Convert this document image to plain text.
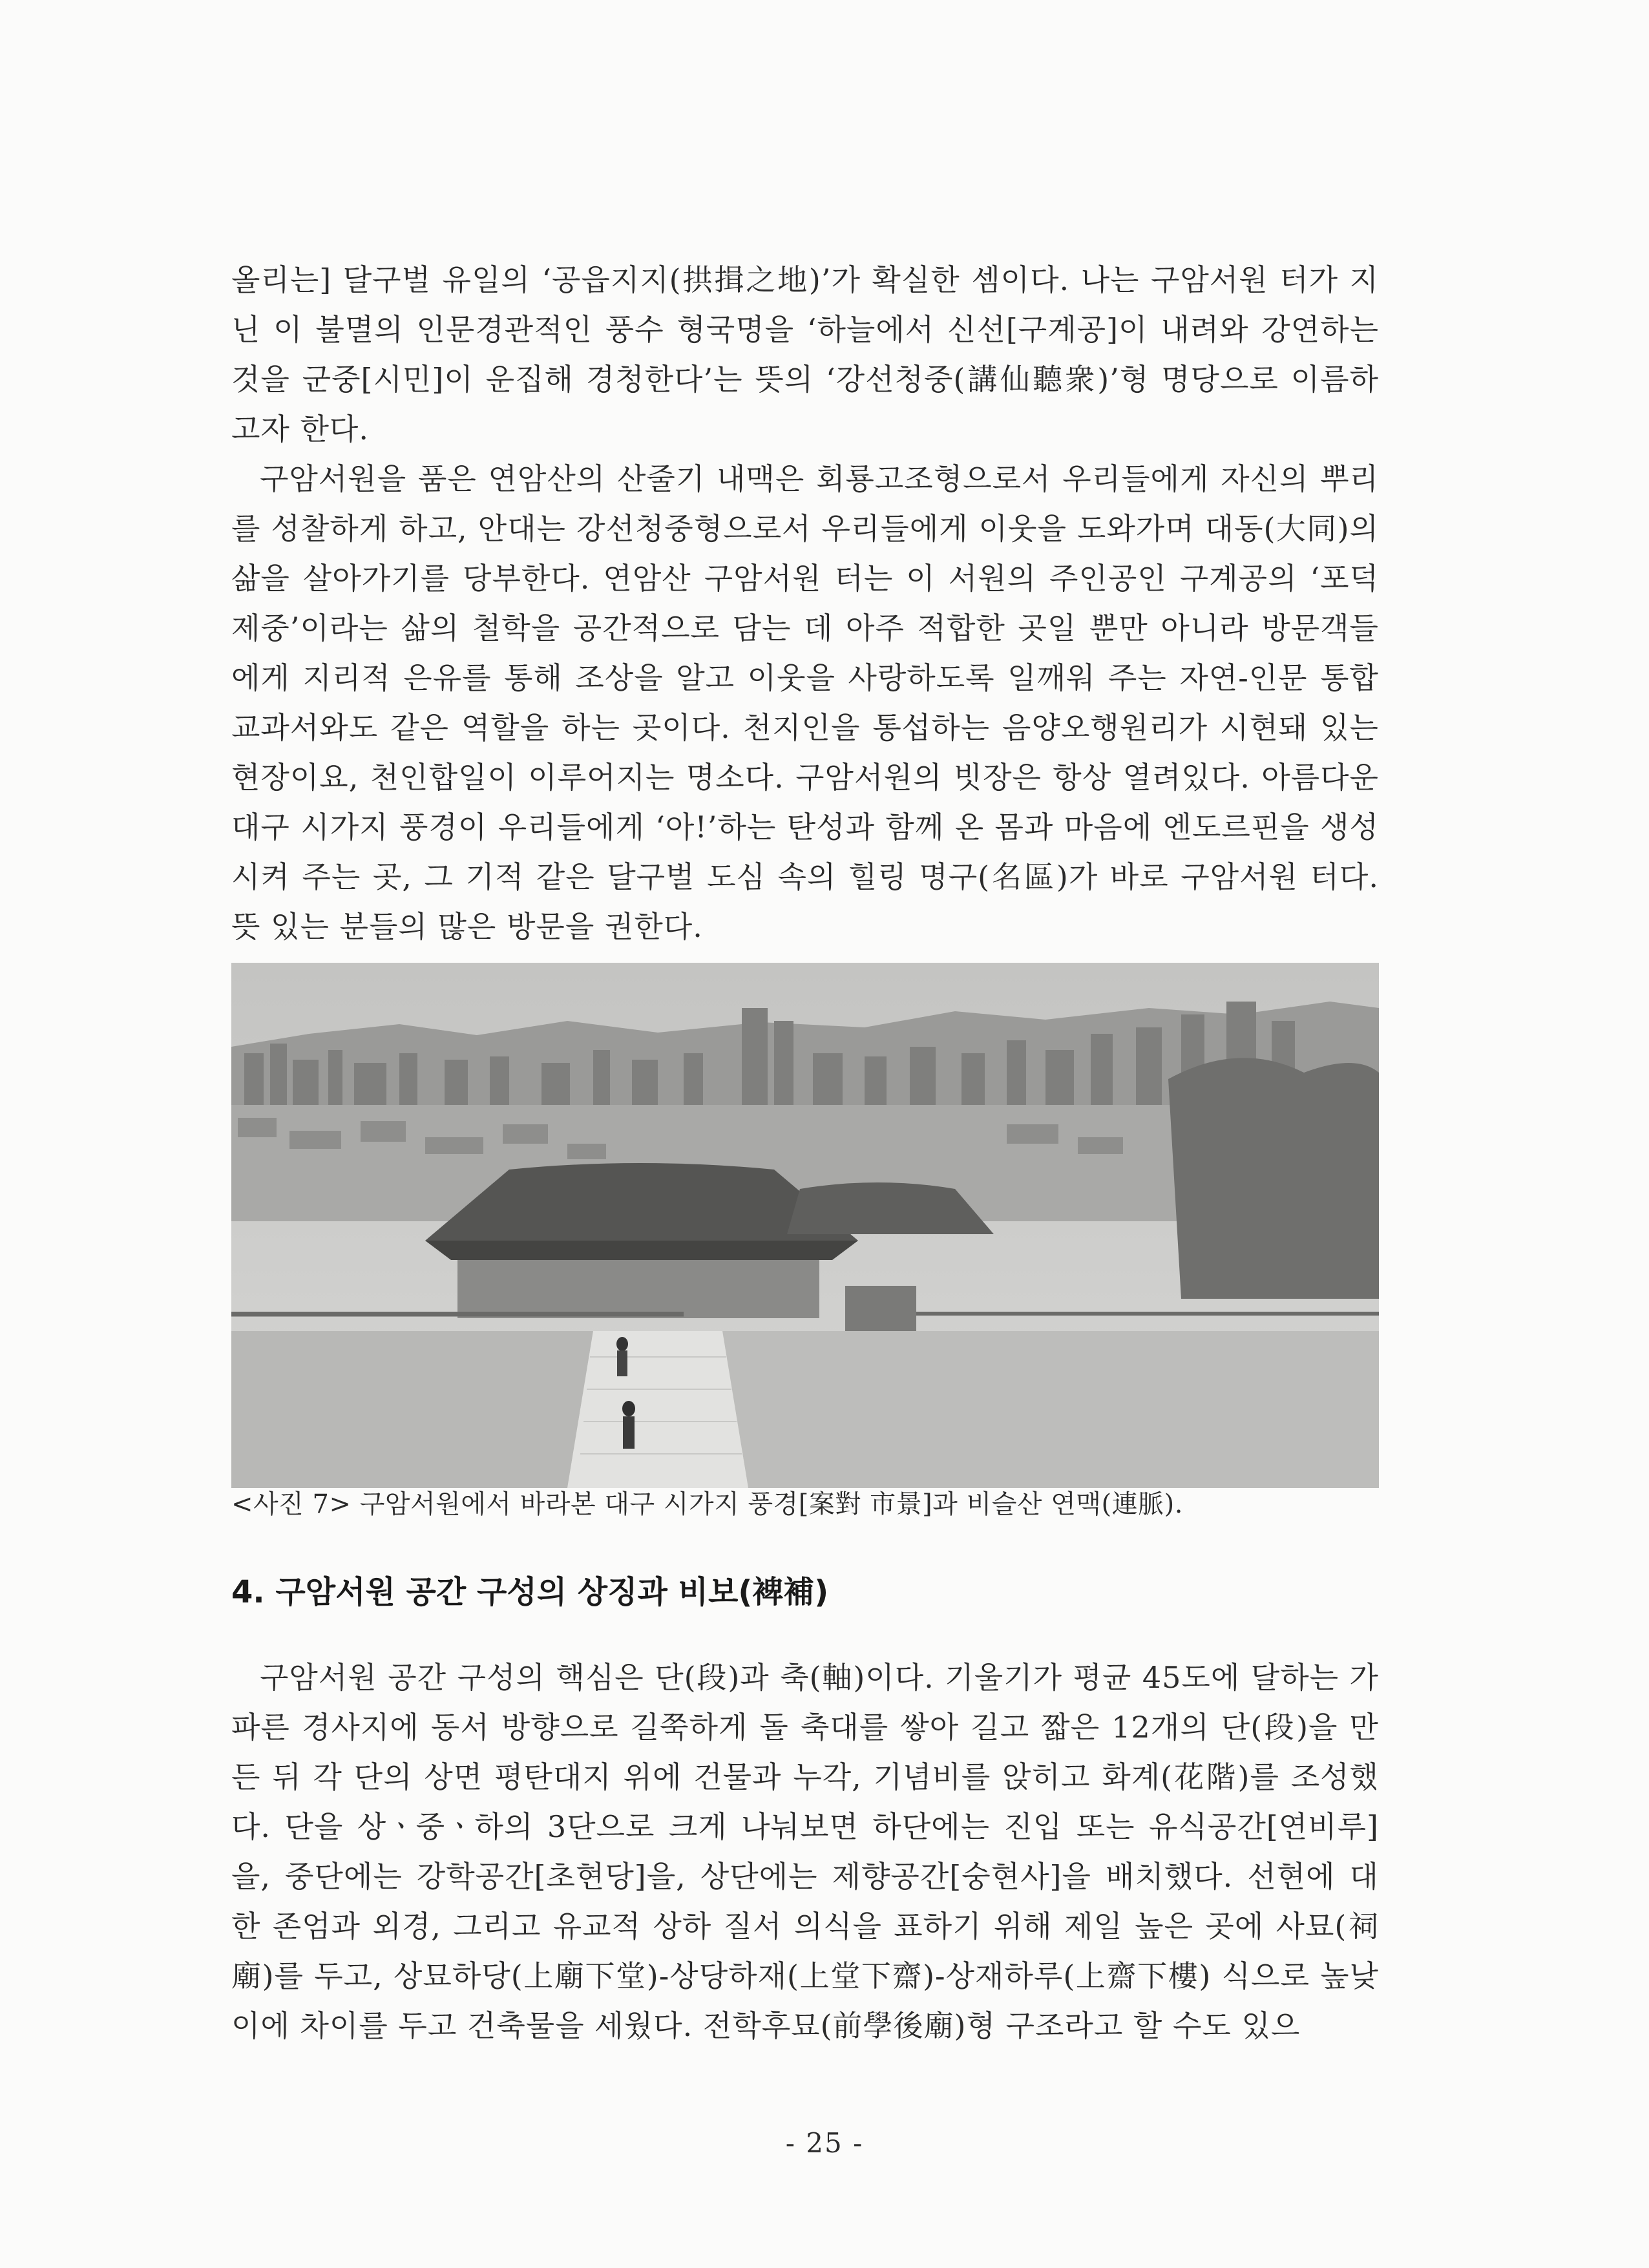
올리는] 달구벌 유일의 ‘공읍지지(拱揖之地)’가 확실한 셈이다. 나는 구암서원 터가 지닌 이 불멸의 인문경관적인 풍수 형국명을 ‘하늘에서 신선[구계공]이 내려와 강연하는 것을 군중[시민]이 운집해 경청한다’는 뜻의 ‘강선청중(講仙聽衆)’형 명당으로 이름하고자 한다.

구암서원을 품은 연암산의 산줄기 내맥은 회룡고조형으로서 우리들에게 자신의 뿌리를 성찰하게 하고, 안대는 강선청중형으로서 우리들에게 이웃을 도와가며 대동(大同)의 삶을 살아가기를 당부한다. 연암산 구암서원 터는 이 서원의 주인공인 구계공의 ‘포덕제중’이라는 삶의 철학을 공간적으로 담는 데 아주 적합한 곳일 뿐만 아니라 방문객들에게 지리적 은유를 통해 조상을 알고 이웃을 사랑하도록 일깨워 주는 자연-인문 통합교과서와도 같은 역할을 하는 곳이다. 천지인을 통섭하는 음양오행원리가 시현돼 있는 현장이요, 천인합일이 이루어지는 명소다. 구암서원의 빗장은 항상 열려있다. 아름다운 대구 시가지 풍경이 우리들에게 ‘아!’하는 탄성과 함께 온 몸과 마음에 엔도르핀을 생성시켜 주는 곳, 그 기적 같은 달구벌 도심 속의 힐링 명구(名區)가 바로 구암서원 터다. 뜻 있는 분들의 많은 방문을 권한다.

<사진 7> 구암서원에서 바라본 대구 시가지 풍경[案對 市景]과 비슬산 연맥(連脈).
4. 구암서원 공간 구성의 상징과 비보(裨補)

구암서원 공간 구성의 핵심은 단(段)과 축(軸)이다. 기울기가 평균 45도에 달하는 가파른 경사지에 동서 방향으로 길쭉하게 돌 축대를 쌓아 길고 짧은 12개의 단(段)을 만든 뒤 각 단의 상면 평탄대지 위에 건물과 누각, 기념비를 앉히고 화계(花階)를 조성했다. 단을 상ㆍ중ㆍ하의 3단으로 크게 나눠보면 하단에는 진입 또는 유식공간[연비루]을, 중단에는 강학공간[초현당]을, 상단에는 제향공간[숭현사]을 배치했다. 선현에 대한 존엄과 외경, 그리고 유교적 상하 질서 의식을 표하기 위해 제일 높은 곳에 사묘(祠廟)를 두고, 상묘하당(上廟下堂)-상당하재(上堂下齋)-상재하루(上齋下樓) 식으로 높낮이에 차이를 두고 건축물을 세웠다. 전학후묘(前學後廟)형 구조라고 할 수도 있으

- 25 -
